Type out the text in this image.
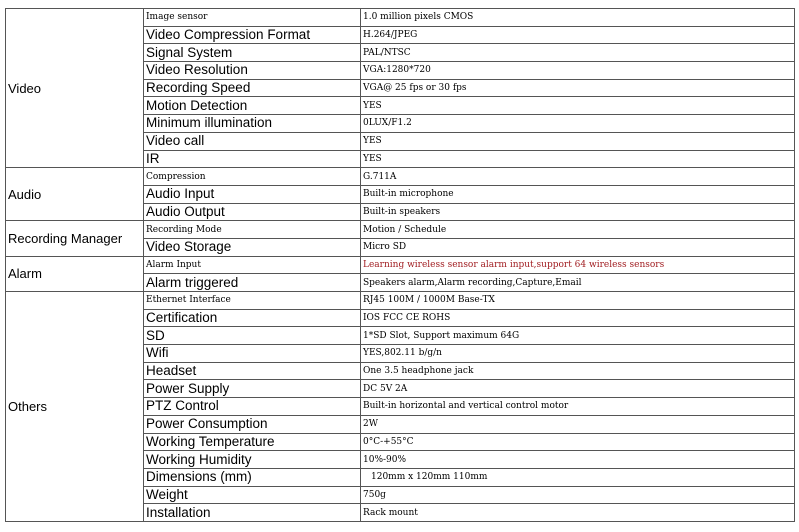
Video	Image sensor	1.0 million pixels CMOS
	Video Compression Format	H.264/JPEG
	Signal System	PAL/NTSC
	Video Resolution	VGA:1280*720
	Recording Speed	VGA@ 25 fps or 30 fps
	Motion Detection	YES
	Minimum illumination	0LUX/F1.2
	Video call	YES
	IR	YES
Audio	Compression	G.711A
	Audio Input	Built-in microphone
	Audio Output	Built-in speakers
Recording Manager	Recording Mode	Motion / Schedule
	Video Storage	Micro SD
Alarm	Alarm Input	Learning wireless sensor alarm input,support 64 wireless sensors
	Alarm triggered	Speakers alarm,Alarm recording,Capture,Email
Others	Ethernet Interface	RJ45 100M / 1000M Base-TX
	Certification	IOS FCC CE ROHS
	SD	1*SD Slot, Support maximum 64G
	Wifi	YES,802.11 b/g/n
	Headset	One 3.5 headphone jack
	Power Supply	DC 5V 2A
	PTZ Control	Built-in horizontal and vertical control motor
	Power Consumption	2W
	Working Temperature	0°C-+55°C
	Working Humidity	10%-90%
	Dimensions (mm)	120mm x 120mm 110mm
	Weight	750g
	Installation	Rack mount
